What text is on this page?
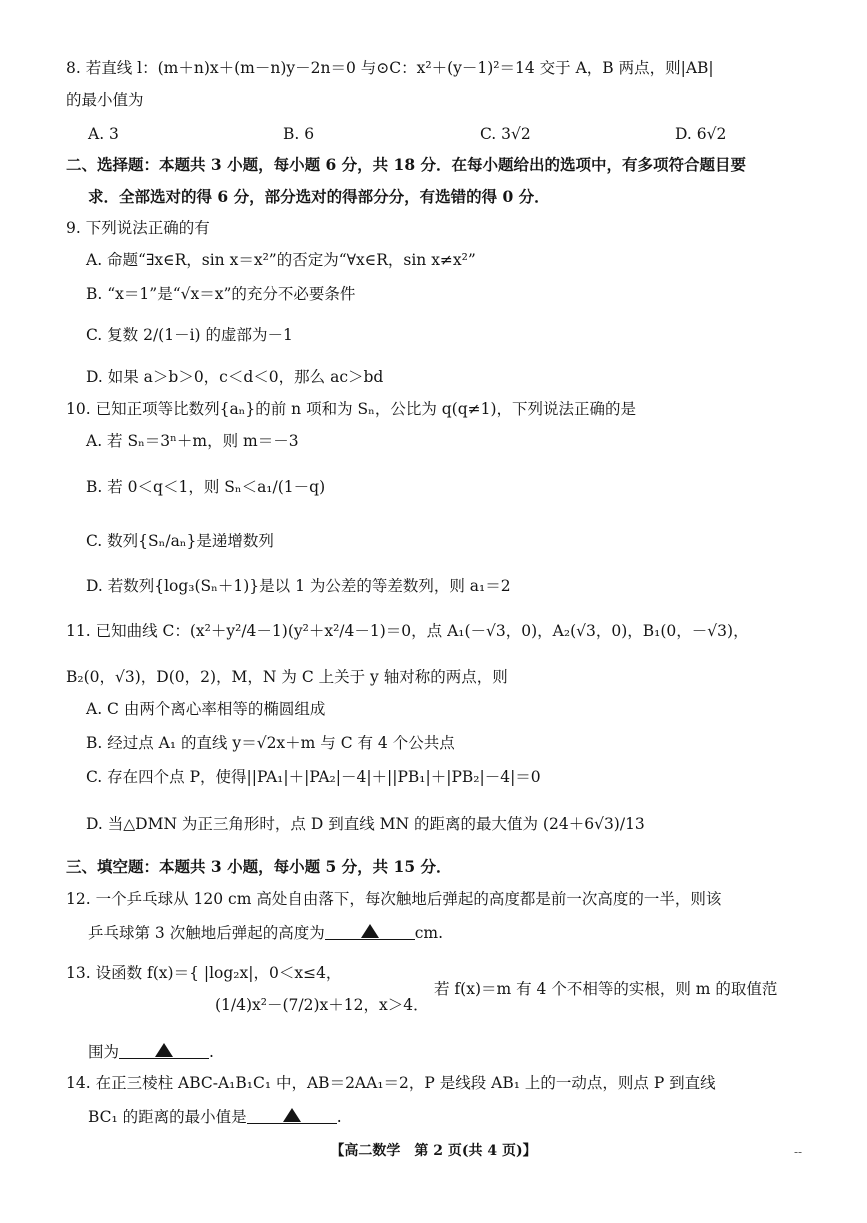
8. 若直线 l：(m＋n)x＋(m－n)y－2n＝0 与⊙C：x²＋(y－1)²＝14 交于 A，B 两点，则|AB|
的最小值为
A. 3	B. 6	C. 3√2	D. 6√2
二、选择题：本题共 3 小题，每小题 6 分，共 18 分．在每小题给出的选项中，有多项符合题目要
求．全部选对的得 6 分，部分选对的得部分分，有选错的得 0 分．
9. 下列说法正确的有
A. 命题“∃x∈R，sin x＝x²”的否定为“∀x∈R，sin x≠x²”
B. “x＝1”是“√x＝x”的充分不必要条件
C. 复数 2/(1－i) 的虚部为－1
D. 如果 a＞b＞0，c＜d＜0，那么 ac＞bd
10. 已知正项等比数列{aₙ}的前 n 项和为 Sₙ，公比为 q(q≠1)，下列说法正确的是
A. 若 Sₙ＝3ⁿ＋m，则 m＝－3
B. 若 0＜q＜1，则 Sₙ＜a₁/(1－q)
C. 数列{Sₙ/aₙ}是递增数列
D. 若数列{log₃(Sₙ＋1)}是以 1 为公差的等差数列，则 a₁＝2
11. 已知曲线 C：(x²＋y²/4－1)(y²＋x²/4－1)＝0，点 A₁(－√3，0)，A₂(√3，0)，B₁(0，－√3)，
B₂(0，√3)，D(0，2)，M，N 为 C 上关于 y 轴对称的两点，则
A. C 由两个离心率相等的椭圆组成
B. 经过点 A₁ 的直线 y＝√2x＋m 与 C 有 4 个公共点
C. 存在四个点 P，使得||PA₁|＋|PA₂|－4|＋||PB₁|＋|PB₂|－4|＝0
D. 当△DMN 为正三角形时，点 D 到直线 MN 的距离的最大值为 (24＋6√3)/13
三、填空题：本题共 3 小题，每小题 5 分，共 15 分．
12. 一个乒乓球从 120 cm 高处自由落下，每次触地后弹起的高度都是前一次高度的一半，则该
乒乓球第 3 次触地后弹起的高度为	cm.
13. 设函数 f(x)＝{ |log₂x|，0＜x≤4，
(1/4)x²－(7/2)x＋12，x＞4．
若 f(x)＝m 有 4 个不相等的实根，则 m 的取值范
围为	.
14. 在正三棱柱 ABC-A₁B₁C₁ 中，AB＝2AA₁＝2，P 是线段 AB₁ 上的一动点，则点 P 到直线
BC₁ 的距离的最小值是	.
【高二数学　第 2 页(共 4 页)】	--
